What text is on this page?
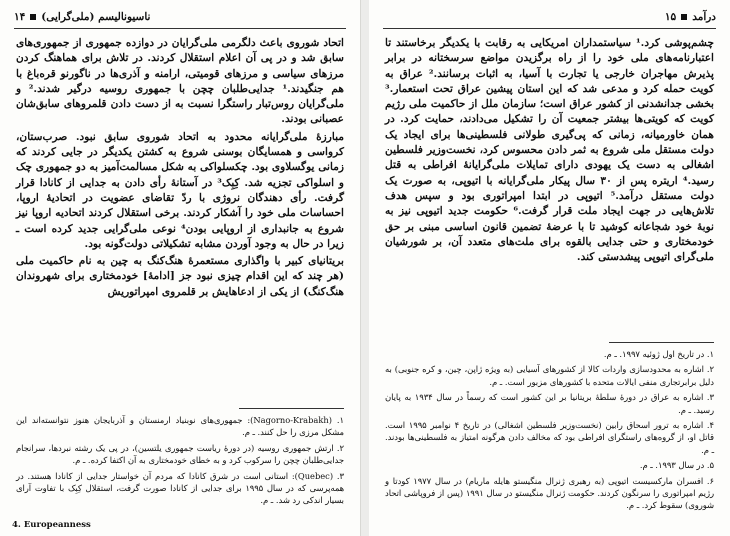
۱۴ ناسیونالیسم (ملی‌گرایی)

اتحاد شوروی باعث دلگرمی ملی‌گرایان در دوازده جمهوری از جمهوری‌های سابق شد و در پی آن اعلام استقلال کردند. در تلاش برای هماهنگ کردن مرزهای سیاسی و مرزهای قومیتی، ارامنه و آذری‌ها در ناگورنو قره‌باغ با هم جنگیدند.¹ جدایی‌طلبان چچن با جمهوری روسیه درگیر شدند.² و ملی‌گرایان روس‌تبار راستگرا نسبت به از دست دادن قلمروهای سابق‌شان عصبانی بودند.

مبارزهٔ ملی‌گرایانه محدود به اتحاد شوروی سابق نبود. صرب‌ستان، کرواسی و همسایگان بوسنی شروع به کشتن یکدیگر در جایی کردند که زمانی یوگسلاوی بود. چکسلواکی به شکل مسالمت‌آمیز به دو جمهوری چک و اسلواکی تجزیه شد. کِبِک³ در آستانهٔ رأی دادن به جدایی از کانادا قرار گرفت. رأی دهندگان نروژی با ردّ تقاضای عضویت در اتحادیهٔ اروپا، احساسات ملی خود را آشکار کردند. برخی استقلال کردند اتحادیه اروپا نیز شروع به جانبداری از اروپایی بودن⁴ نوعی ملی‌گرایی جدید کرده است ـ زیرا در حال به وجود آوردن مشابه تشکیلاتی دولت‌گونه بود.

بریتانیای کبیر با واگذاری مستعمرهٔ هنگ‌کنگ به چین به نام حاکمیت ملی (هر چند که این اقدام چیزی نبود جز [ادامهٔ] خودمختاری برای شهروندان هنگ‌کنگ) از یکی از ادعاهایش بر قلمروی امپراتوریش

۱. (Nagorno-Krabakh): جمهوری‌های نوبنیاد ارمنستان و آذربایجان هنوز نتوانسته‌اند این مشکل مرزی را حل کنند. ـ م.

۲. ارتش جمهوری روسیه (در دورهٔ ریاست جمهوری یلتسین)، در پی یک رشته نبردها، سرانجام جدایی‌طلبان چچن را سرکوب کرد و به خطای خودمختاری به آن اکتفا کرده. ـ م.

۳. (Quebec): استانی است در شرق کانادا که مردم آن خواستار جدایی از کانادا هستند. در همه‌پرسی که در سال ۱۹۹۵ برای جدایی از کانادا صورت گرفت، استقلال کِبِک با تفاوت آرای بسیار اندکی رد شد. ـ م.

4. Europeanness
درآمد
۱۵

چشم‌پوشی کرد.¹ سیاستمداران امریکایی به رقابت با یکدیگر برخاستند تا اعتبارنامه‌های ملی خود را از راه برگزیدن مواضع سرسختانه در برابر پذیرش مهاجران خارجی یا تجارت با آسیا، به اثبات برسانند.² عراق به کویت حمله کرد و مدعی شد که این استان پیشین عراق تحت استعمار.³ بخشی جدانشدنی از کشور عراق است؛ سازمان ملل از حاکمیت ملی رژیم کویت که کویتی‌ها بیشتر جمعیت آن را تشکیل می‌دادند، حمایت کرد. در همان خاورمیانه، زمانی که پی‌گیری طولانی فلسطینی‌ها برای ایجاد یک دولت مستقل ملی شروع به ثمر دادن محسوس کرد، نخست‌وزیر فلسطین اشغالی به دست یک یهودی دارای تمایلات ملی‌گرایانهٔ افراطی به قتل رسید.⁴ اریتره پس از ۳۰ سال پیکار ملی‌گرایانه با اتیوپی، به صورت یک دولت مستقل درآمد.⁵ اتیوپی در ابتدا امپراتوری بود و سپس هدف تلاش‌هایی در جهت ایجاد ملت قرار گرفت.⁶ حکومت جدید اتیوپی نیز به نوبهٔ خود شجاعانه کوشید تا با عرضهٔ تضمین قانون اساسی مبنی بر حق خودمختاری و حتی جدایی بالقوه برای ملت‌های متعدد آن، بر شورشیان ملی‌گرای اتیوپی پیشدستی کند.

۱. در تاریخ اول ژوئیه ۱۹۹۷. ـ م.

۲. اشاره به محدودسازی واردات کالا از کشورهای آسیایی (به ویژه ژاپن، چین، و کره جنوبی) به دلیل برابرتجاری منفی ایالات متحده با کشورهای مزبور است. ـ م.

۳. اشاره به عراق در دورهٔ سلطهٔ بریتانیا بر این کشور است که رسماً در سال ۱۹۳۴ به پایان رسید. ـ م.

۴. اشاره به ترور اسحاق رابین (نخست‌وزیر فلسطین اشغالی) در تاریخ ۴ نوامبر ۱۹۹۵ است. قاتل او، از گروه‌های راستگرای افراطی بود که مخالف دادن هرگونه امتیاز به فلسطینی‌ها بودند. ـ م.

۵. در سال ۱۹۹۳. ـ م.

۶. افسران مارکسیست اتیوپی (به رهبری ژنرال منگیستو هایله ماریام) در سال ۱۹۷۷ کودتا و رژیم امپراتوری را سرنگون کردند. حکومت ژنرال منگیستو در سال ۱۹۹۱ (پس از فروپاشی اتحاد شوروی) سقوط کرد. ـ م.
